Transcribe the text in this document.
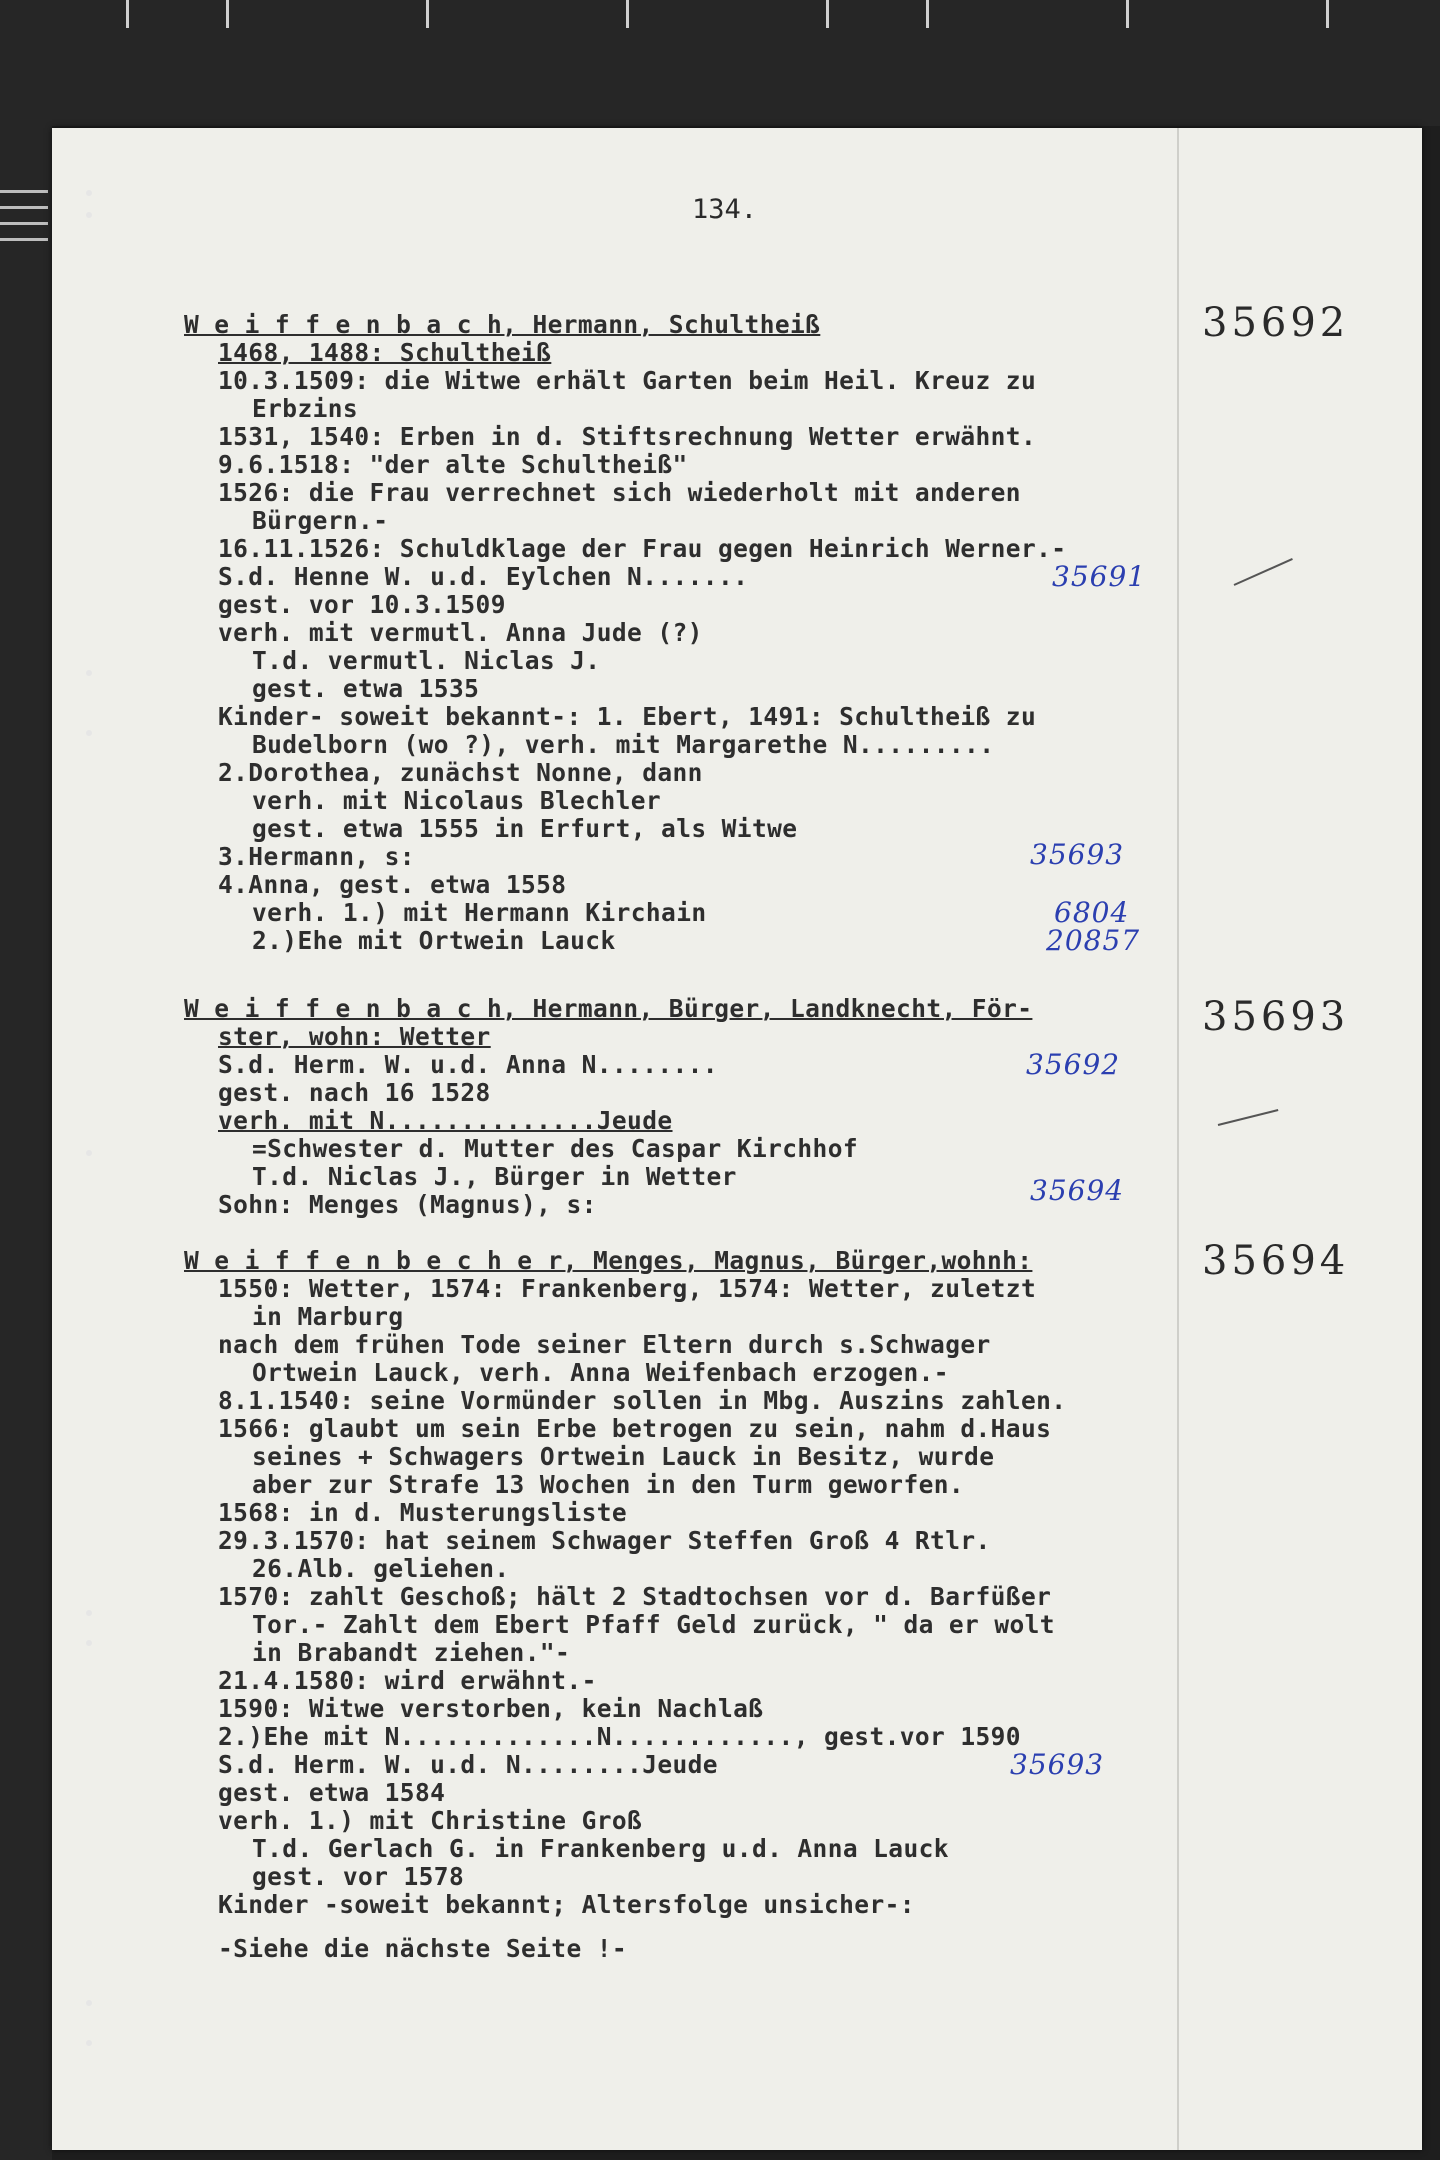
134.
35692
W e i f f e n b a c h, Hermann, Schultheiß
1468, 1488: Schultheiß
10.3.1509: die Witwe erhält Garten beim Heil. Kreuz zu
Erbzins
1531, 1540: Erben in d. Stiftsrechnung Wetter erwähnt.
9.6.1518: "der alte Schultheiß"
1526: die Frau verrechnet sich wiederholt mit anderen
Bürgern.-
16.11.1526: Schuldklage der Frau gegen Heinrich Werner.-
S.d. Henne W. u.d. Eylchen N.......
gest. vor 10.3.1509
verh. mit vermutl. Anna Jude (?)
T.d. vermutl. Niclas J.
gest. etwa 1535
Kinder- soweit bekannt-: 1. Ebert, 1491: Schultheiß zu
Budelborn (wo ?), verh. mit Margarethe N.........
2.Dorothea, zunächst Nonne, dann
verh. mit Nicolaus Blechler
gest. etwa 1555 in Erfurt, als Witwe
3.Hermann, s:
4.Anna, gest. etwa 1558
verh. 1.) mit Hermann Kirchain
2.)Ehe mit Ortwein Lauck
35691
35693
6804
20857
35693
W e i f f e n b a c h, Hermann, Bürger, Landknecht, För-
ster, wohn: Wetter
S.d. Herm. W. u.d. Anna N........
gest. nach 16 1528
verh. mit N..............Jeude
=Schwester d. Mutter des Caspar Kirchhof
T.d. Niclas J., Bürger in Wetter
Sohn: Menges (Magnus), s:
35692
35694
35694
W e i f f e n b e c h e r, Menges, Magnus, Bürger,wohnh:
1550: Wetter, 1574: Frankenberg, 1574: Wetter, zuletzt
in Marburg
nach dem frühen Tode seiner Eltern durch s.Schwager
Ortwein Lauck, verh. Anna Weifenbach erzogen.-
8.1.1540: seine Vormünder sollen in Mbg. Auszins zahlen.
1566: glaubt um sein Erbe betrogen zu sein, nahm d.Haus
seines + Schwagers Ortwein Lauck in Besitz, wurde
aber zur Strafe 13 Wochen in den Turm geworfen.
1568: in d. Musterungsliste
29.3.1570: hat seinem Schwager Steffen Groß 4 Rtlr.
26.Alb. geliehen.
1570: zahlt Geschoß; hält 2 Stadtochsen vor d. Barfüßer
Tor.- Zahlt dem Ebert Pfaff Geld zurück, " da er wolt
in Brabandt ziehen."-
21.4.1580: wird erwähnt.-
1590: Witwe verstorben, kein Nachlaß
2.)Ehe mit N.............N............, gest.vor 1590
S.d. Herm. W. u.d. N........Jeude
gest. etwa 1584
verh. 1.) mit Christine Groß
T.d. Gerlach G. in Frankenberg u.d. Anna Lauck
gest. vor 1578
Kinder -soweit bekannt; Altersfolge unsicher-:
35693
-Siehe die nächste Seite !-
